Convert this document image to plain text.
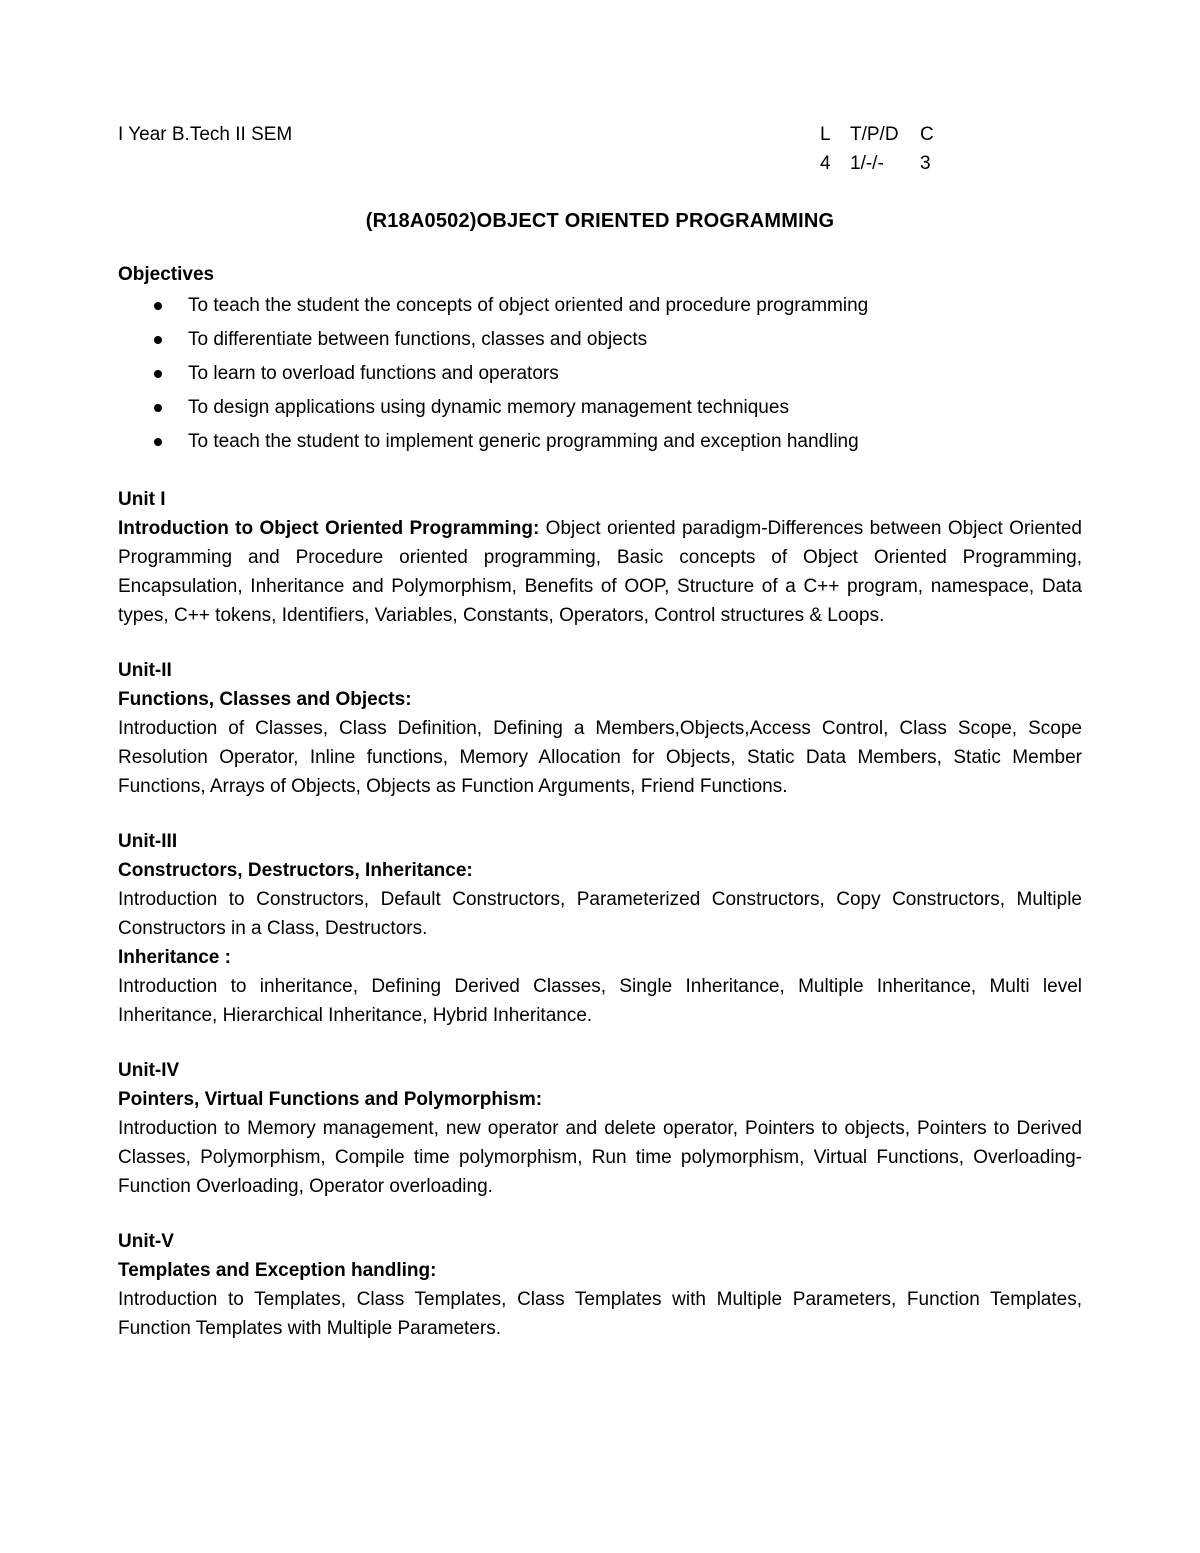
I Year B.Tech II SEM	L	T/P/D	C
4	1/-/-	3
(R18A0502)OBJECT ORIENTED PROGRAMMING
Objectives
To teach the student the concepts of object oriented and procedure programming
To differentiate between functions, classes and objects
To learn to overload functions and operators
To design applications using dynamic memory management techniques
To teach the student to implement generic programming and exception handling
Unit I

Introduction to Object Oriented Programming: Object oriented paradigm-Differences between Object Oriented Programming and Procedure oriented programming, Basic concepts of Object Oriented Programming, Encapsulation, Inheritance and Polymorphism, Benefits of OOP, Structure of a C++ program, namespace, Data types, C++ tokens, Identifiers, Variables, Constants, Operators, Control structures & Loops.

Unit-II
Functions, Classes and Objects:

Introduction of Classes, Class Definition, Defining a Members,Objects,Access Control, Class Scope, Scope Resolution Operator, Inline functions, Memory Allocation for Objects, Static Data Members, Static Member Functions, Arrays of Objects, Objects as Function Arguments, Friend Functions.

Unit-III
Constructors, Destructors, Inheritance:

Introduction to Constructors, Default Constructors, Parameterized Constructors, Copy Constructors, Multiple Constructors in a Class, Destructors.

Inheritance :

Introduction to inheritance, Defining Derived Classes, Single Inheritance, Multiple Inheritance, Multi level Inheritance, Hierarchical Inheritance, Hybrid Inheritance.

Unit-IV
Pointers, Virtual Functions and Polymorphism:

Introduction to Memory management, new operator and delete operator, Pointers to objects, Pointers to Derived Classes, Polymorphism, Compile time polymorphism, Run time polymorphism, Virtual Functions, Overloading- Function Overloading, Operator overloading.

Unit-V
Templates and Exception handling:

Introduction to Templates, Class Templates, Class Templates with Multiple Parameters, Function Templates, Function Templates with Multiple Parameters.
